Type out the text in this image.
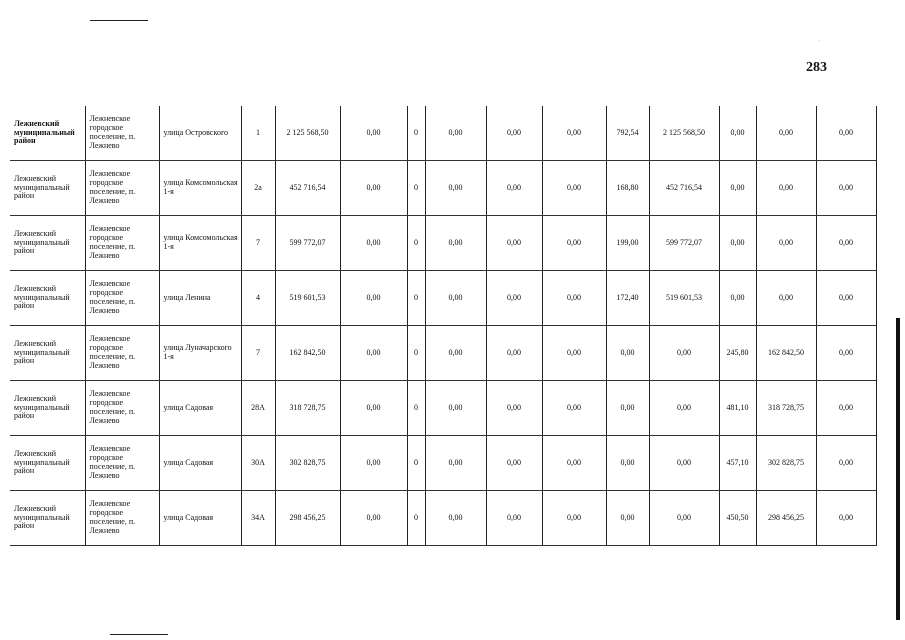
·
283
Лежневский муниципальный район	Лежневское городское поселение, п. Лежнево	улица Островского	1	2 125 568,50	0,00	0	0,00	0,00	0,00	792,54	2 125 568,50	0,00	0,00	0,00
Лежневский муниципальный район	Лежневское городское поселение, п. Лежнево	улица Комсомольская 1-я	2а	452 716,54	0,00	0	0,00	0,00	0,00	168,80	452 716,54	0,00	0,00	0,00
Лежневский муниципальный район	Лежневское городское поселение, п. Лежнево	улица Комсомольская 1-я	7	599 772,07	0,00	0	0,00	0,00	0,00	199,00	599 772,07	0,00	0,00	0,00
Лежневский муниципальный район	Лежневское городское поселение, п. Лежнево	улица Ленина	4	519 601,53	0,00	0	0,00	0,00	0,00	172,40	519 601,53	0,00	0,00	0,00
Лежневский муниципальный район	Лежневское городское поселение, п. Лежнево	улица Луначарского 1-я	7	162 842,50	0,00	0	0,00	0,00	0,00	0,00	0,00	245,80	162 842,50	0,00
Лежневский муниципальный район	Лежневское городское поселение, п. Лежнево	улица Садовая	28А	318 728,75	0,00	0	0,00	0,00	0,00	0,00	0,00	481,10	318 728,75	0,00
Лежневский муниципальный район	Лежневское городское поселение, п. Лежнево	улица Садовая	30А	302 828,75	0,00	0	0,00	0,00	0,00	0,00	0,00	457,10	302 828,75	0,00
Лежневский муниципальный район	Лежневское городское поселение, п. Лежнево	улица Садовая	34А	298 456,25	0,00	0	0,00	0,00	0,00	0,00	0,00	450,50	298 456,25	0,00
